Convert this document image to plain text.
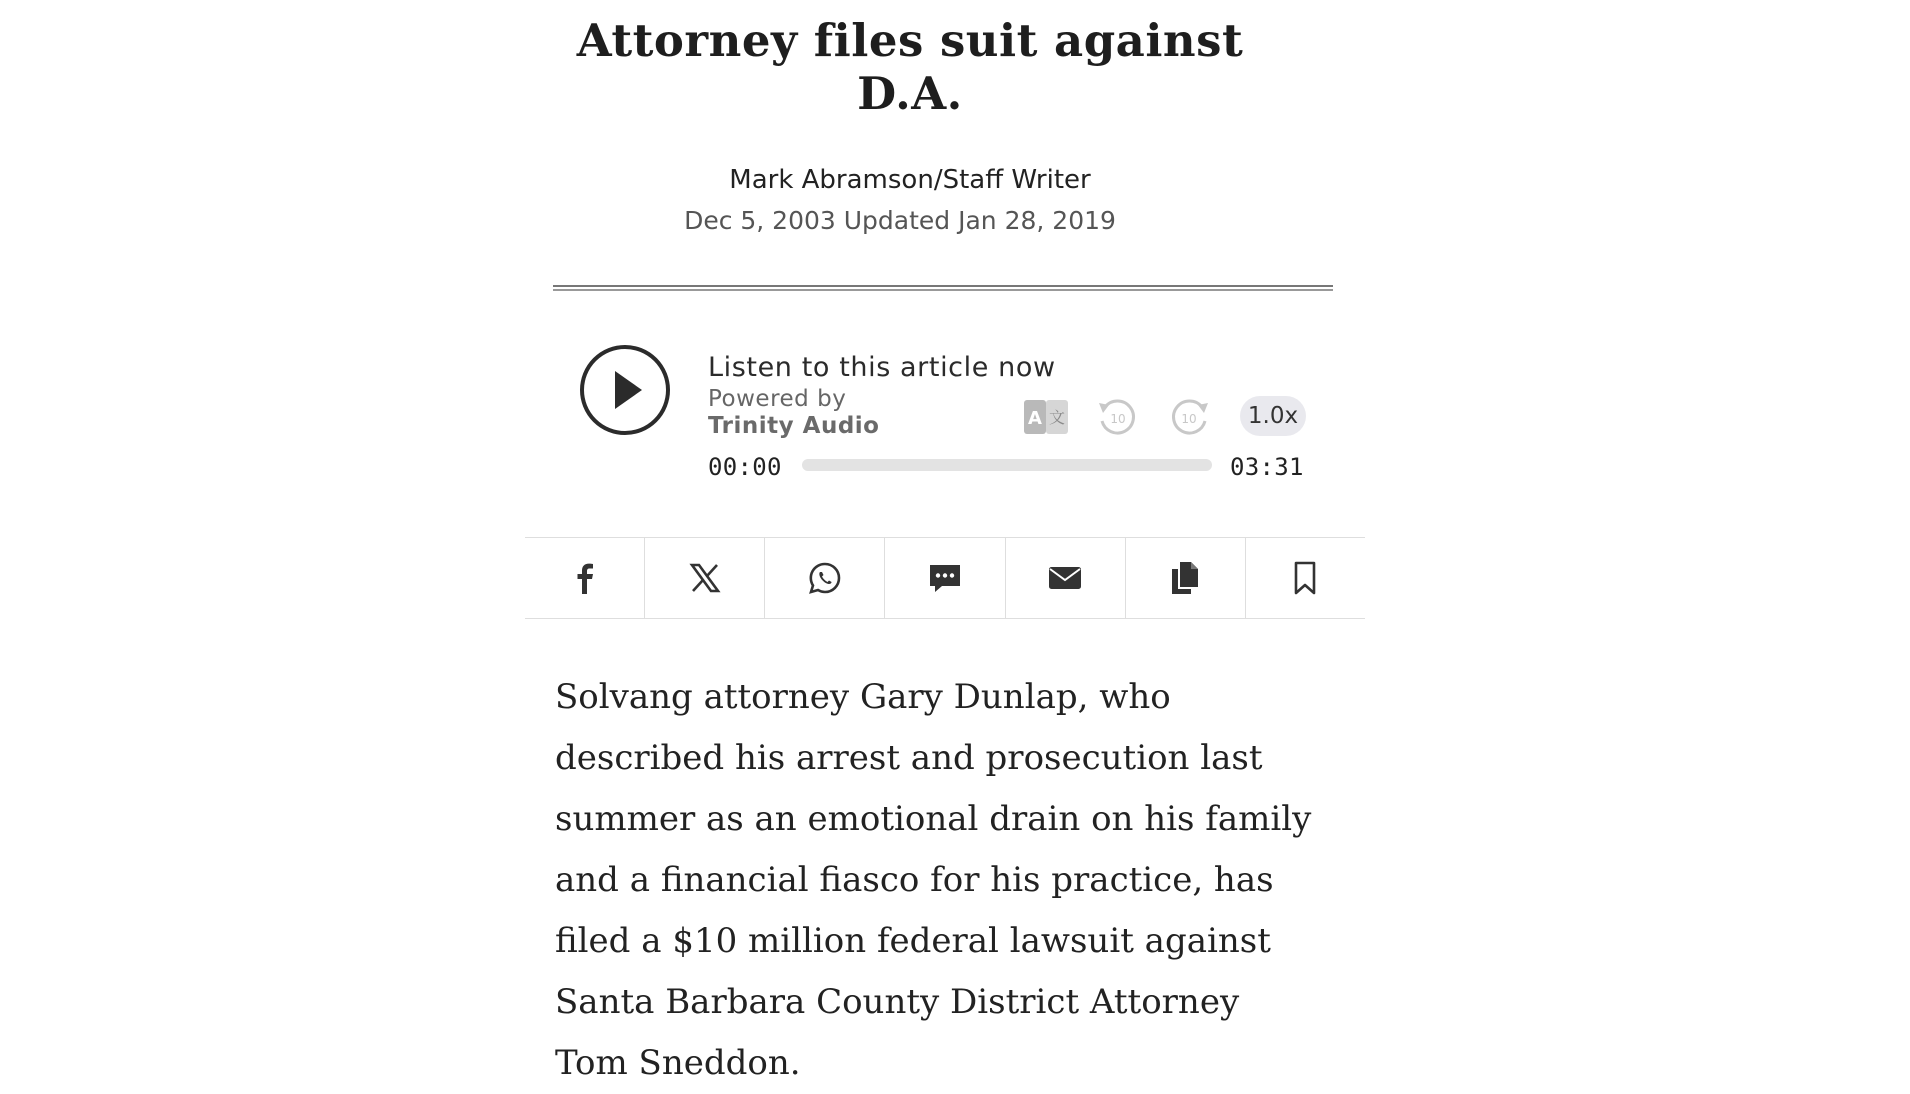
Attorney files suit against D.A.
Mark Abramson/Staff Writer
Dec 5, 2003 Updated Jan 28, 2019
Listen to this article now
Powered by
Trinity Audio	A 文	10	10	1.0x
00:00	03:31

Solvang attorney Gary Dunlap, who described his arrest and prosecution last summer as an emotional drain on his family and a financial fiasco for his practice, has filed a $10 million federal lawsuit against Santa Barbara County District Attorney Tom Sneddon.
